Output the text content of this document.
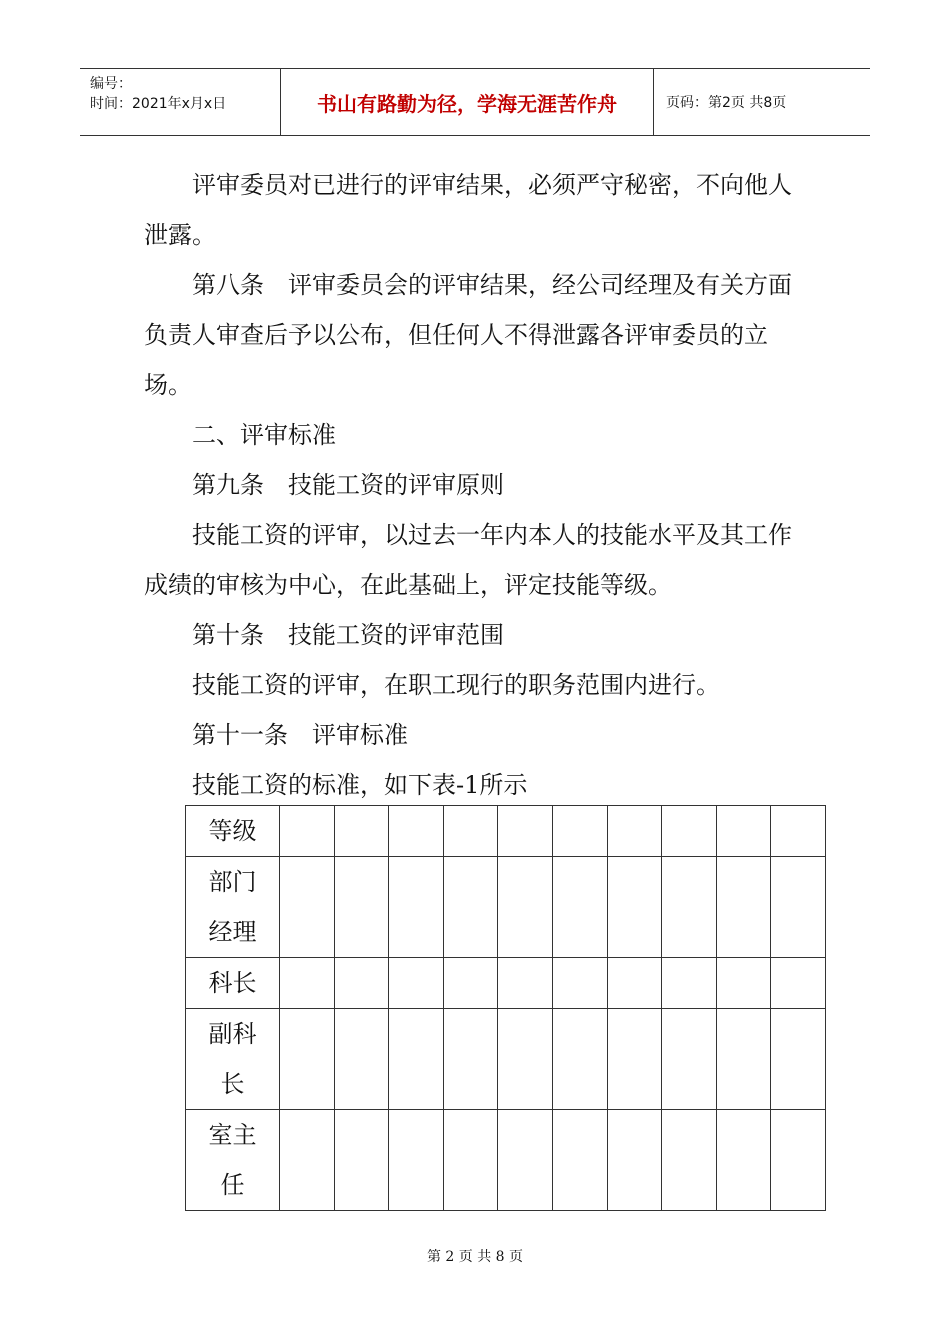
编号：
时间：2021年x月x日	书山有路勤为径，学海无涯苦作舟	页码：第2页 共8页

评审委员对已进行的评审结果，必须严守秘密，不向他人泄露。

第八条　评审委员会的评审结果，经公司经理及有关方面负责人审查后予以公布，但任何人不得泄露各评审委员的立场。

二、评审标准

第九条　技能工资的评审原则

技能工资的评审，以过去一年内本人的技能水平及其工作成绩的审核为中心，在此基础上，评定技能等级。

第十条　技能工资的评审范围

技能工资的评审，在职工现行的职务范围内进行。

第十一条　评审标准

技能工资的标准，如下表-1所示

等级										

部门
经理										

科长										

副科
长										

室主
任										

第 2 页 共 8 页
